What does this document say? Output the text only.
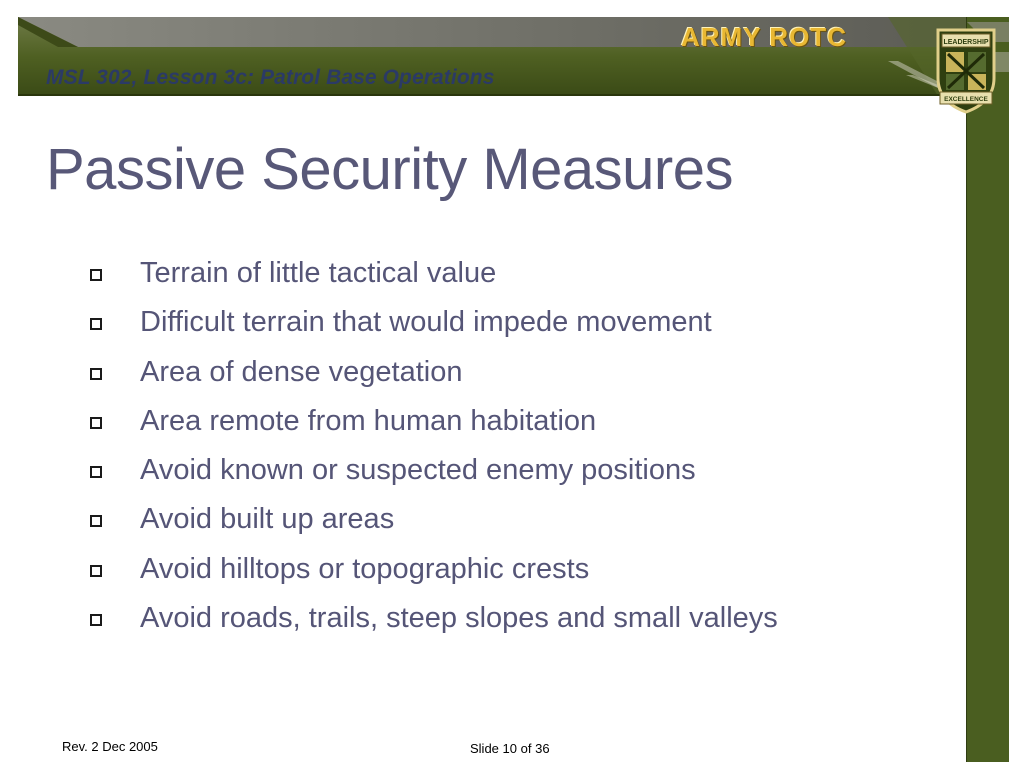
MSL 302, Lesson 3c: Patrol Base Operations
ARMY ROTC	LEADERSHIP
EXCELLENCE
Passive Security Measures
Terrain of little tactical value
Difficult terrain that would impede movement
Area of dense vegetation
Area remote from human habitation
Avoid known or suspected enemy positions
Avoid built up areas
Avoid hilltops or topographic crests
Avoid roads, trails, steep slopes and small valleys
Rev. 2 Dec 2005	Slide 10 of 36
